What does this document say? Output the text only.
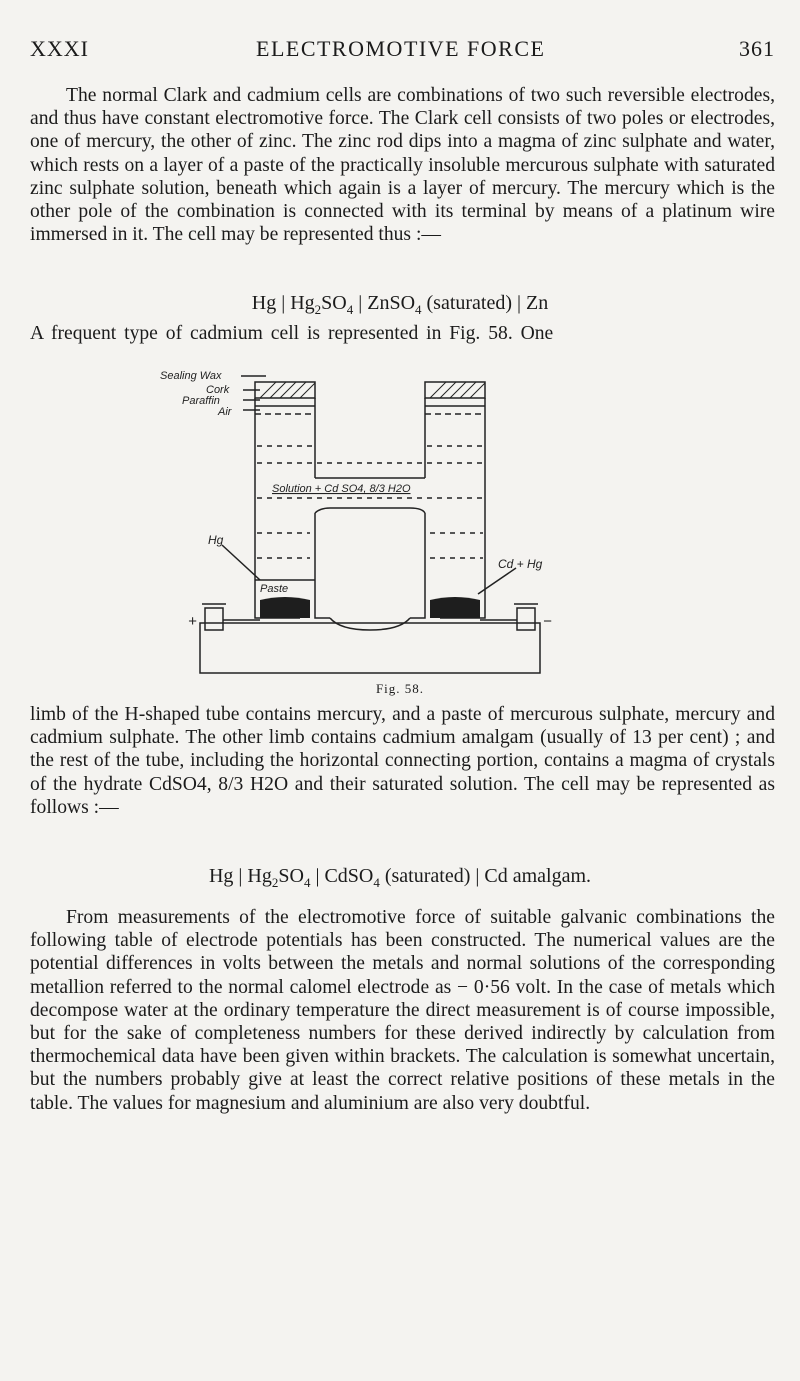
XXXI	ELECTROMOTIVE FORCE	361

The normal Clark and cadmium cells are combinations of two such reversible electrodes, and thus have constant electromotive force. The Clark cell consists of two poles or electrodes, one of mercury, the other of zinc. The zinc rod dips into a magma of zinc sulphate and water, which rests on a layer of a paste of the practically insoluble mercurous sulphate with saturated zinc sulphate solution, beneath which again is a layer of mercury. The mercury which is the other pole of the combination is connected with its terminal by means of a platinum wire immersed in it. The cell may be represented thus :—

Hg | $Hg_2SO_4$ | ZnSO$_4$ (saturated) | Zn

A frequent type of cadmium cell is represented in Fig. 58. One

Sealing Wax
Cork
Paraffin
Air
Solution + Cd SO4, 8/3 H2O
Hg
Paste
Cd + Hg
+	−
Fig. 58.

limb of the H-shaped tube contains mercury, and a paste of mercurous sulphate, mercury and cadmium sulphate. The other limb contains cadmium amalgam (usually of 13 per cent) ; and the rest of the tube, including the horizontal connecting portion, contains a magma of crystals of the hydrate CdSO4, 8/3 H2O and their saturated solution. The cell may be represented as follows :—

Hg | $Hg_2SO_4$ | CdSO$_4$ (saturated) | Cd amalgam.

From measurements of the electromotive force of suitable galvanic combinations the following table of electrode potentials has been constructed. The numerical values are the potential differences in volts between the metals and normal solutions of the corresponding metallion referred to the normal calomel electrode as − 0·56 volt. In the case of metals which decompose water at the ordinary temperature the direct measurement is of course impossible, but for the sake of completeness numbers for these derived indirectly by calculation from thermochemical data have been given within brackets. The calculation is somewhat uncertain, but the numbers probably give at least the correct relative positions of these metals in the table. The values for magnesium and aluminium are also very doubtful.
